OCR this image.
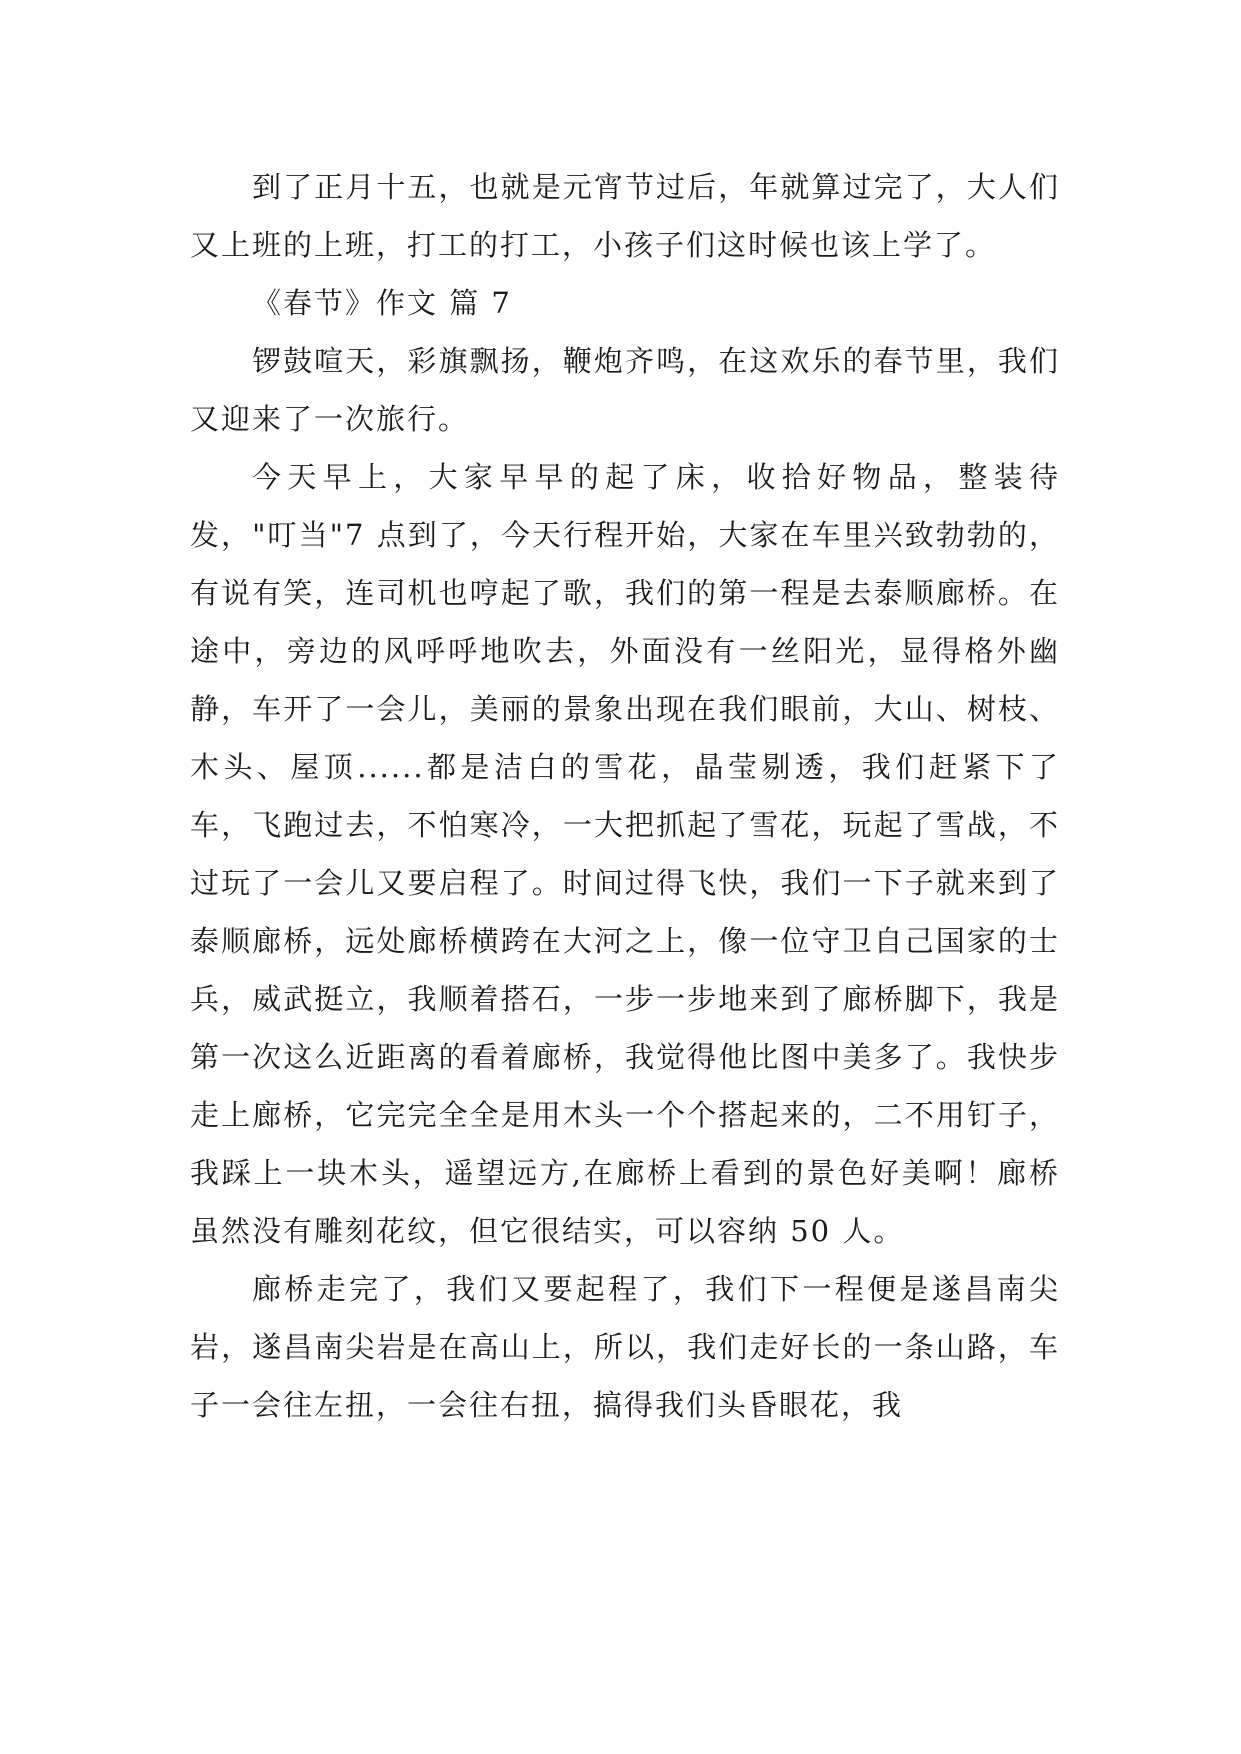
到了正月十五，也就是元宵节过后，年就算过完了，大人们又上班的上班，打工的打工，小孩子们这时候也该上学了。

《春节》作文 篇 7

锣鼓喧天，彩旗飘扬，鞭炮齐鸣，在这欢乐的春节里，我们又迎来了一次旅行。

今天早上，大家早早的起了床，收拾好物品，整装待发，"叮当"7 点到了，今天行程开始，大家在车里兴致勃勃的，有说有笑，连司机也哼起了歌，我们的第一程是去泰顺廊桥。在途中，旁边的风呼呼地吹去，外面没有一丝阳光，显得格外幽静，车开了一会儿，美丽的景象出现在我们眼前，大山、树枝、木头、屋顶......都是洁白的雪花，晶莹剔透，我们赶紧下了车，飞跑过去，不怕寒冷，一大把抓起了雪花，玩起了雪战，不过玩了一会儿又要启程了。时间过得飞快，我们一下子就来到了泰顺廊桥，远处廊桥横跨在大河之上，像一位守卫自己国家的士兵，威武挺立，我顺着搭石，一步一步地来到了廊桥脚下，我是第一次这么近距离的看着廊桥，我觉得他比图中美多了。我快步走上廊桥，它完完全全是用木头一个个搭起来的，二不用钉子，我踩上一块木头，遥望远方,在廊桥上看到的景色好美啊！廊桥虽然没有雕刻花纹，但它很结实，可以容纳 50 人。

廊桥走完了，我们又要起程了，我们下一程便是遂昌南尖岩，遂昌南尖岩是在高山上，所以，我们走好长的一条山路，车子一会往左扭，一会往右扭，搞得我们头昏眼花，我
